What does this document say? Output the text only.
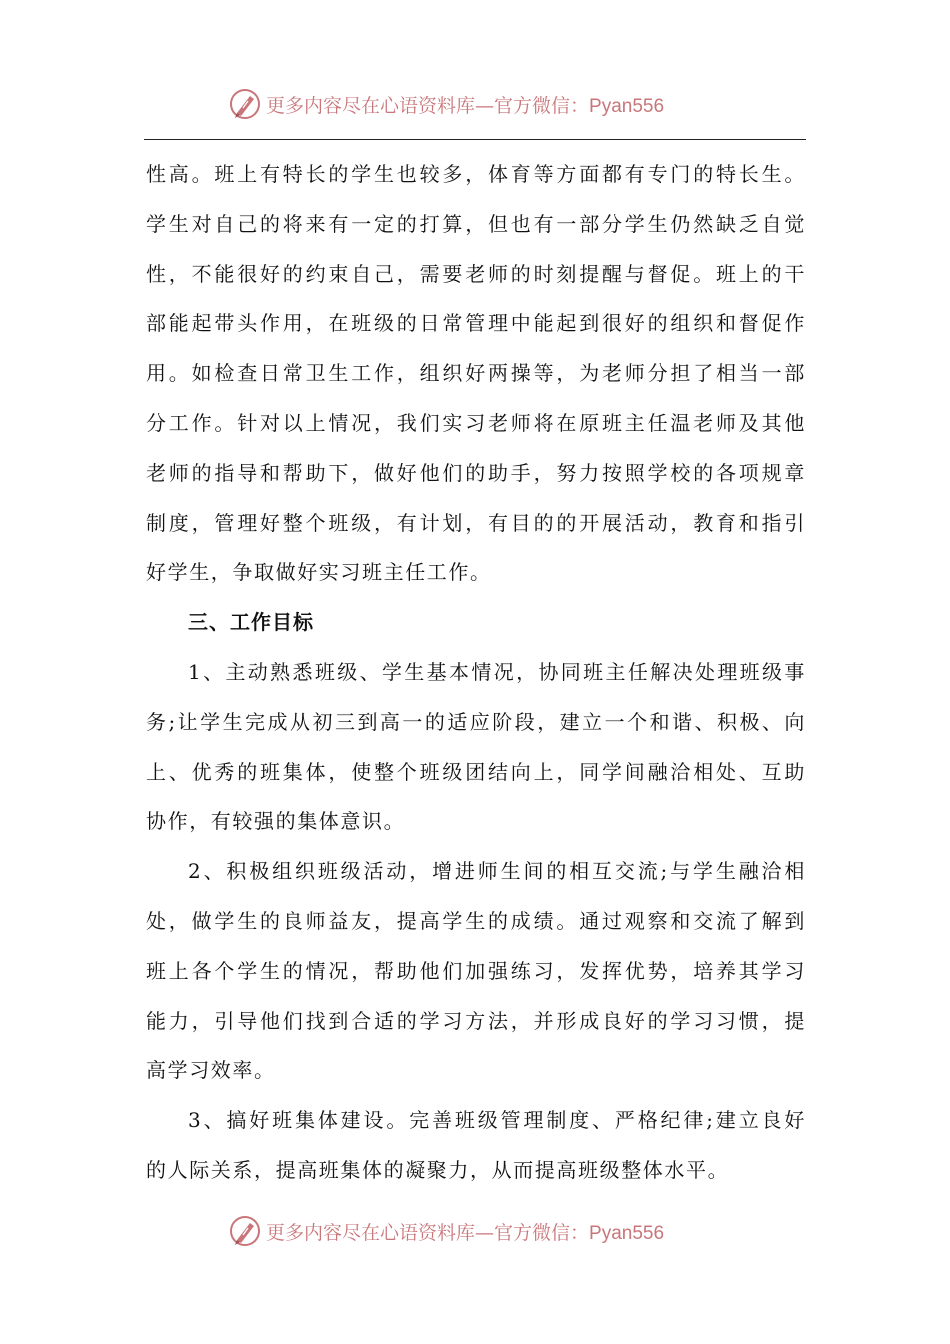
更多内容尽在心语资料库—官方微信：Pyan556
性高。班上有特长的学生也较多，体育等方面都有专门的特长生。
学生对自己的将来有一定的打算，但也有一部分学生仍然缺乏自觉
性，不能很好的约束自己，需要老师的时刻提醒与督促。班上的干
部能起带头作用，在班级的日常管理中能起到很好的组织和督促作
用。如检查日常卫生工作，组织好两操等，为老师分担了相当一部
分工作。针对以上情况，我们实习老师将在原班主任温老师及其他
老师的指导和帮助下，做好他们的助手，努力按照学校的各项规章
制度，管理好整个班级，有计划，有目的的开展活动，教育和指引
好学生，争取做好实习班主任工作。
三、工作目标
1、主动熟悉班级、学生基本情况，协同班主任解决处理班级事
务;让学生完成从初三到高一的适应阶段，建立一个和谐、积极、向
上、优秀的班集体，使整个班级团结向上，同学间融洽相处、互助
协作，有较强的集体意识。
2、积极组织班级活动，增进师生间的相互交流;与学生融洽相
处，做学生的良师益友，提高学生的成绩。通过观察和交流了解到
班上各个学生的情况，帮助他们加强练习，发挥优势，培养其学习
能力，引导他们找到合适的学习方法，并形成良好的学习习惯，提
高学习效率。
3、搞好班集体建设。完善班级管理制度、严格纪律;建立良好
的人际关系，提高班集体的凝聚力，从而提高班级整体水平。
更多内容尽在心语资料库—官方微信：Pyan556
